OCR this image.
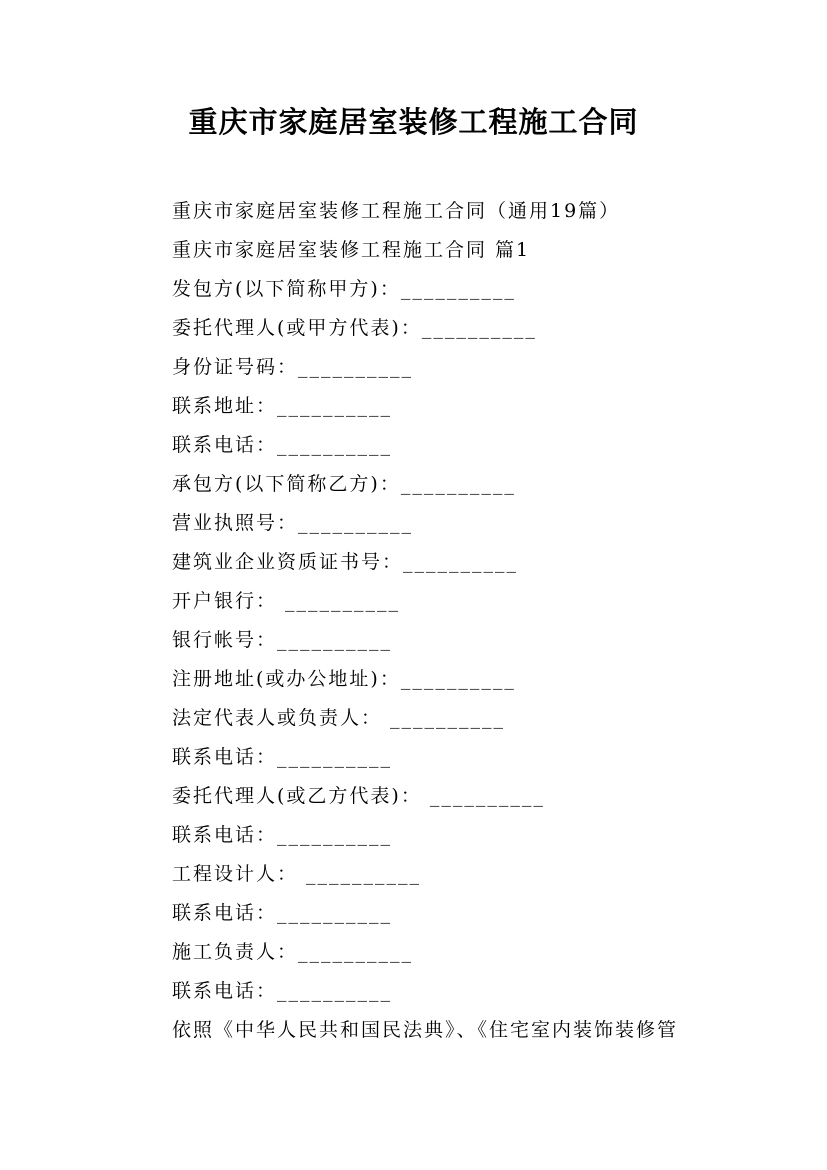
重庆市家庭居室装修工程施工合同
重庆市家庭居室装修工程施工合同（通用19篇）
重庆市家庭居室装修工程施工合同 篇1
发包方(以下简称甲方)：__________
委托代理人(或甲方代表)：__________
身份证号码：__________
联系地址：__________
联系电话：__________
承包方(以下简称乙方)：__________
营业执照号：__________
建筑业企业资质证书号：__________
开户银行： __________
银行帐号：__________
注册地址(或办公地址)：__________
法定代表人或负责人： __________
联系电话：__________
委托代理人(或乙方代表)： __________
联系电话：__________
工程设计人： __________
联系电话：__________
施工负责人：__________
联系电话：__________
依照《中华人民共和国民法典》、《住宅室内装饰装修管
